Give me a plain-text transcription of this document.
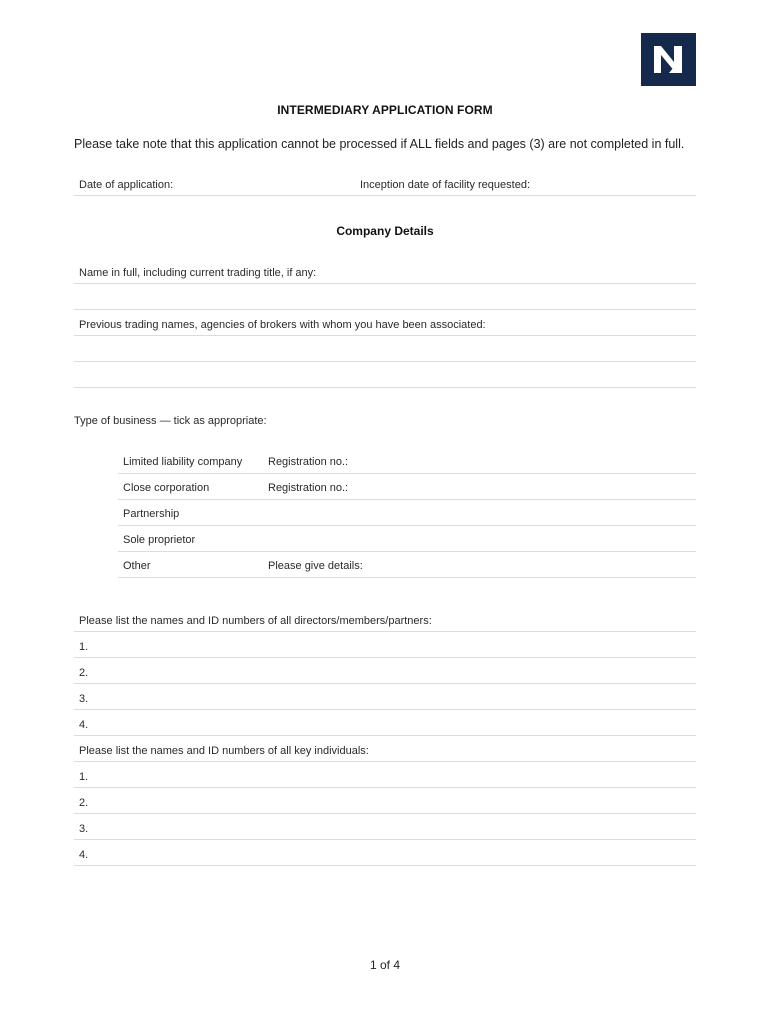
INTERMEDIARY APPLICATION FORM
Please take note that this application cannot be processed if ALL fields and pages (3) are not completed in full.
Date of application:	Inception date of facility requested:
Company Details
Name in full, including current trading title, if any:
Previous trading names, agencies of brokers with whom you have been associated:
Type of business — tick as appropriate:
Limited liability company Registration no.:
Close corporation	Registration no.:
Partnership
Sole proprietor
Other	Please give details:
Please list the names and ID numbers of all directors/members/partners:
1.
2.
3.
4.
Please list the names and ID numbers of all key individuals:
1.
2.
3.
4.
1 of 4
